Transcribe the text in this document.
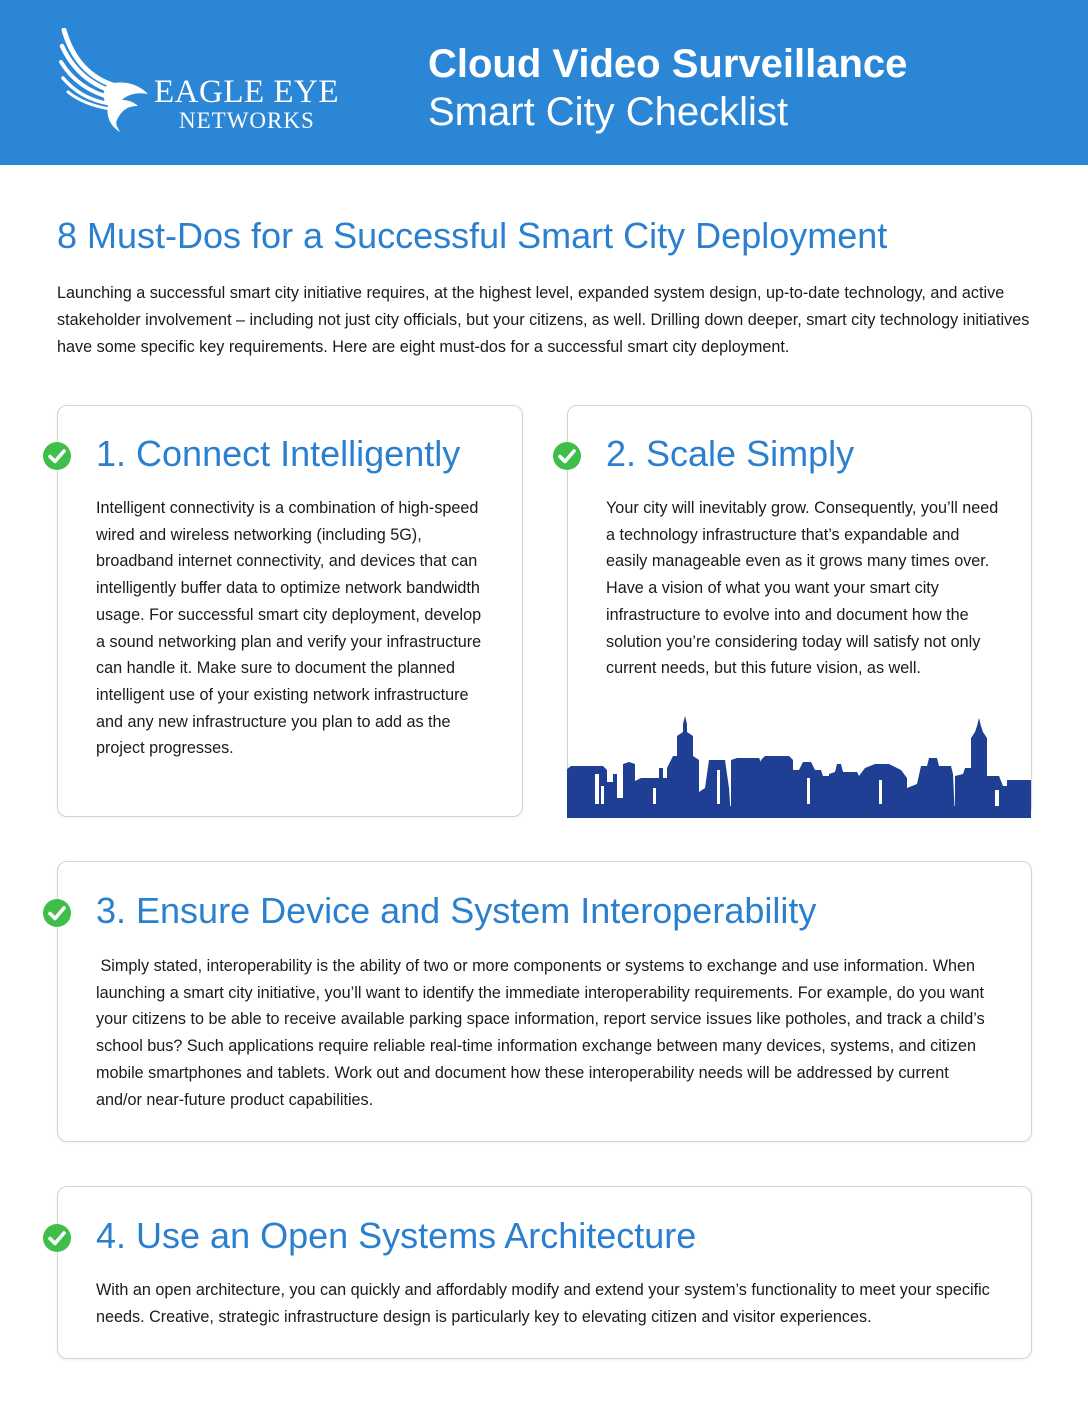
EAGLE EYE
NETWORKS
Cloud Video Surveillance
Smart City Checklist
8 Must-Dos for a Successful Smart City Deployment
Launching a successful smart city initiative requires, at the highest level, expanded system design, up-to-date technology, and active stakeholder involvement – including not just city officials, but your citizens, as well. Drilling down deeper, smart city technology initiatives have some specific key requirements. Here are eight must-dos for a successful smart city deployment.
1. Connect Intelligently
Intelligent connectivity is a combination of high-speed wired and wireless networking (including 5G), broadband internet connectivity, and devices that can intelligently buffer data to optimize network bandwidth usage. For successful smart city deployment, develop a sound networking plan and verify your infrastructure can handle it. Make sure to document the planned intelligent use of your existing network infrastructure and any new infrastructure you plan to add as the project progresses.
2. Scale Simply
Your city will inevitably grow. Consequently, you’ll need a technology infrastructure that’s expandable and easily manageable even as it grows many times over. Have a vision of what you want your smart city infrastructure to evolve into and document how the solution you’re considering today will satisfy not only current needs, but this future vision, as well.
3. Ensure Device and System Interoperability
Simply stated, interoperability is the ability of two or more components or systems to exchange and use information. When launching a smart city initiative, you’ll want to identify the immediate interoperability requirements. For example, do you want your citizens to be able to receive available parking space information, report service issues like potholes, and track a child’s school bus? Such applications require reliable real-time information exchange between many devices, systems, and citizen mobile smartphones and tablets. Work out and document how these interoperability needs will be addressed by current and/or near-future product capabilities.
4. Use an Open Systems Architecture
With an open architecture, you can quickly and affordably modify and extend your system’s functionality to meet your specific needs. Creative, strategic infrastructure design is particularly key to elevating citizen and visitor experiences.
